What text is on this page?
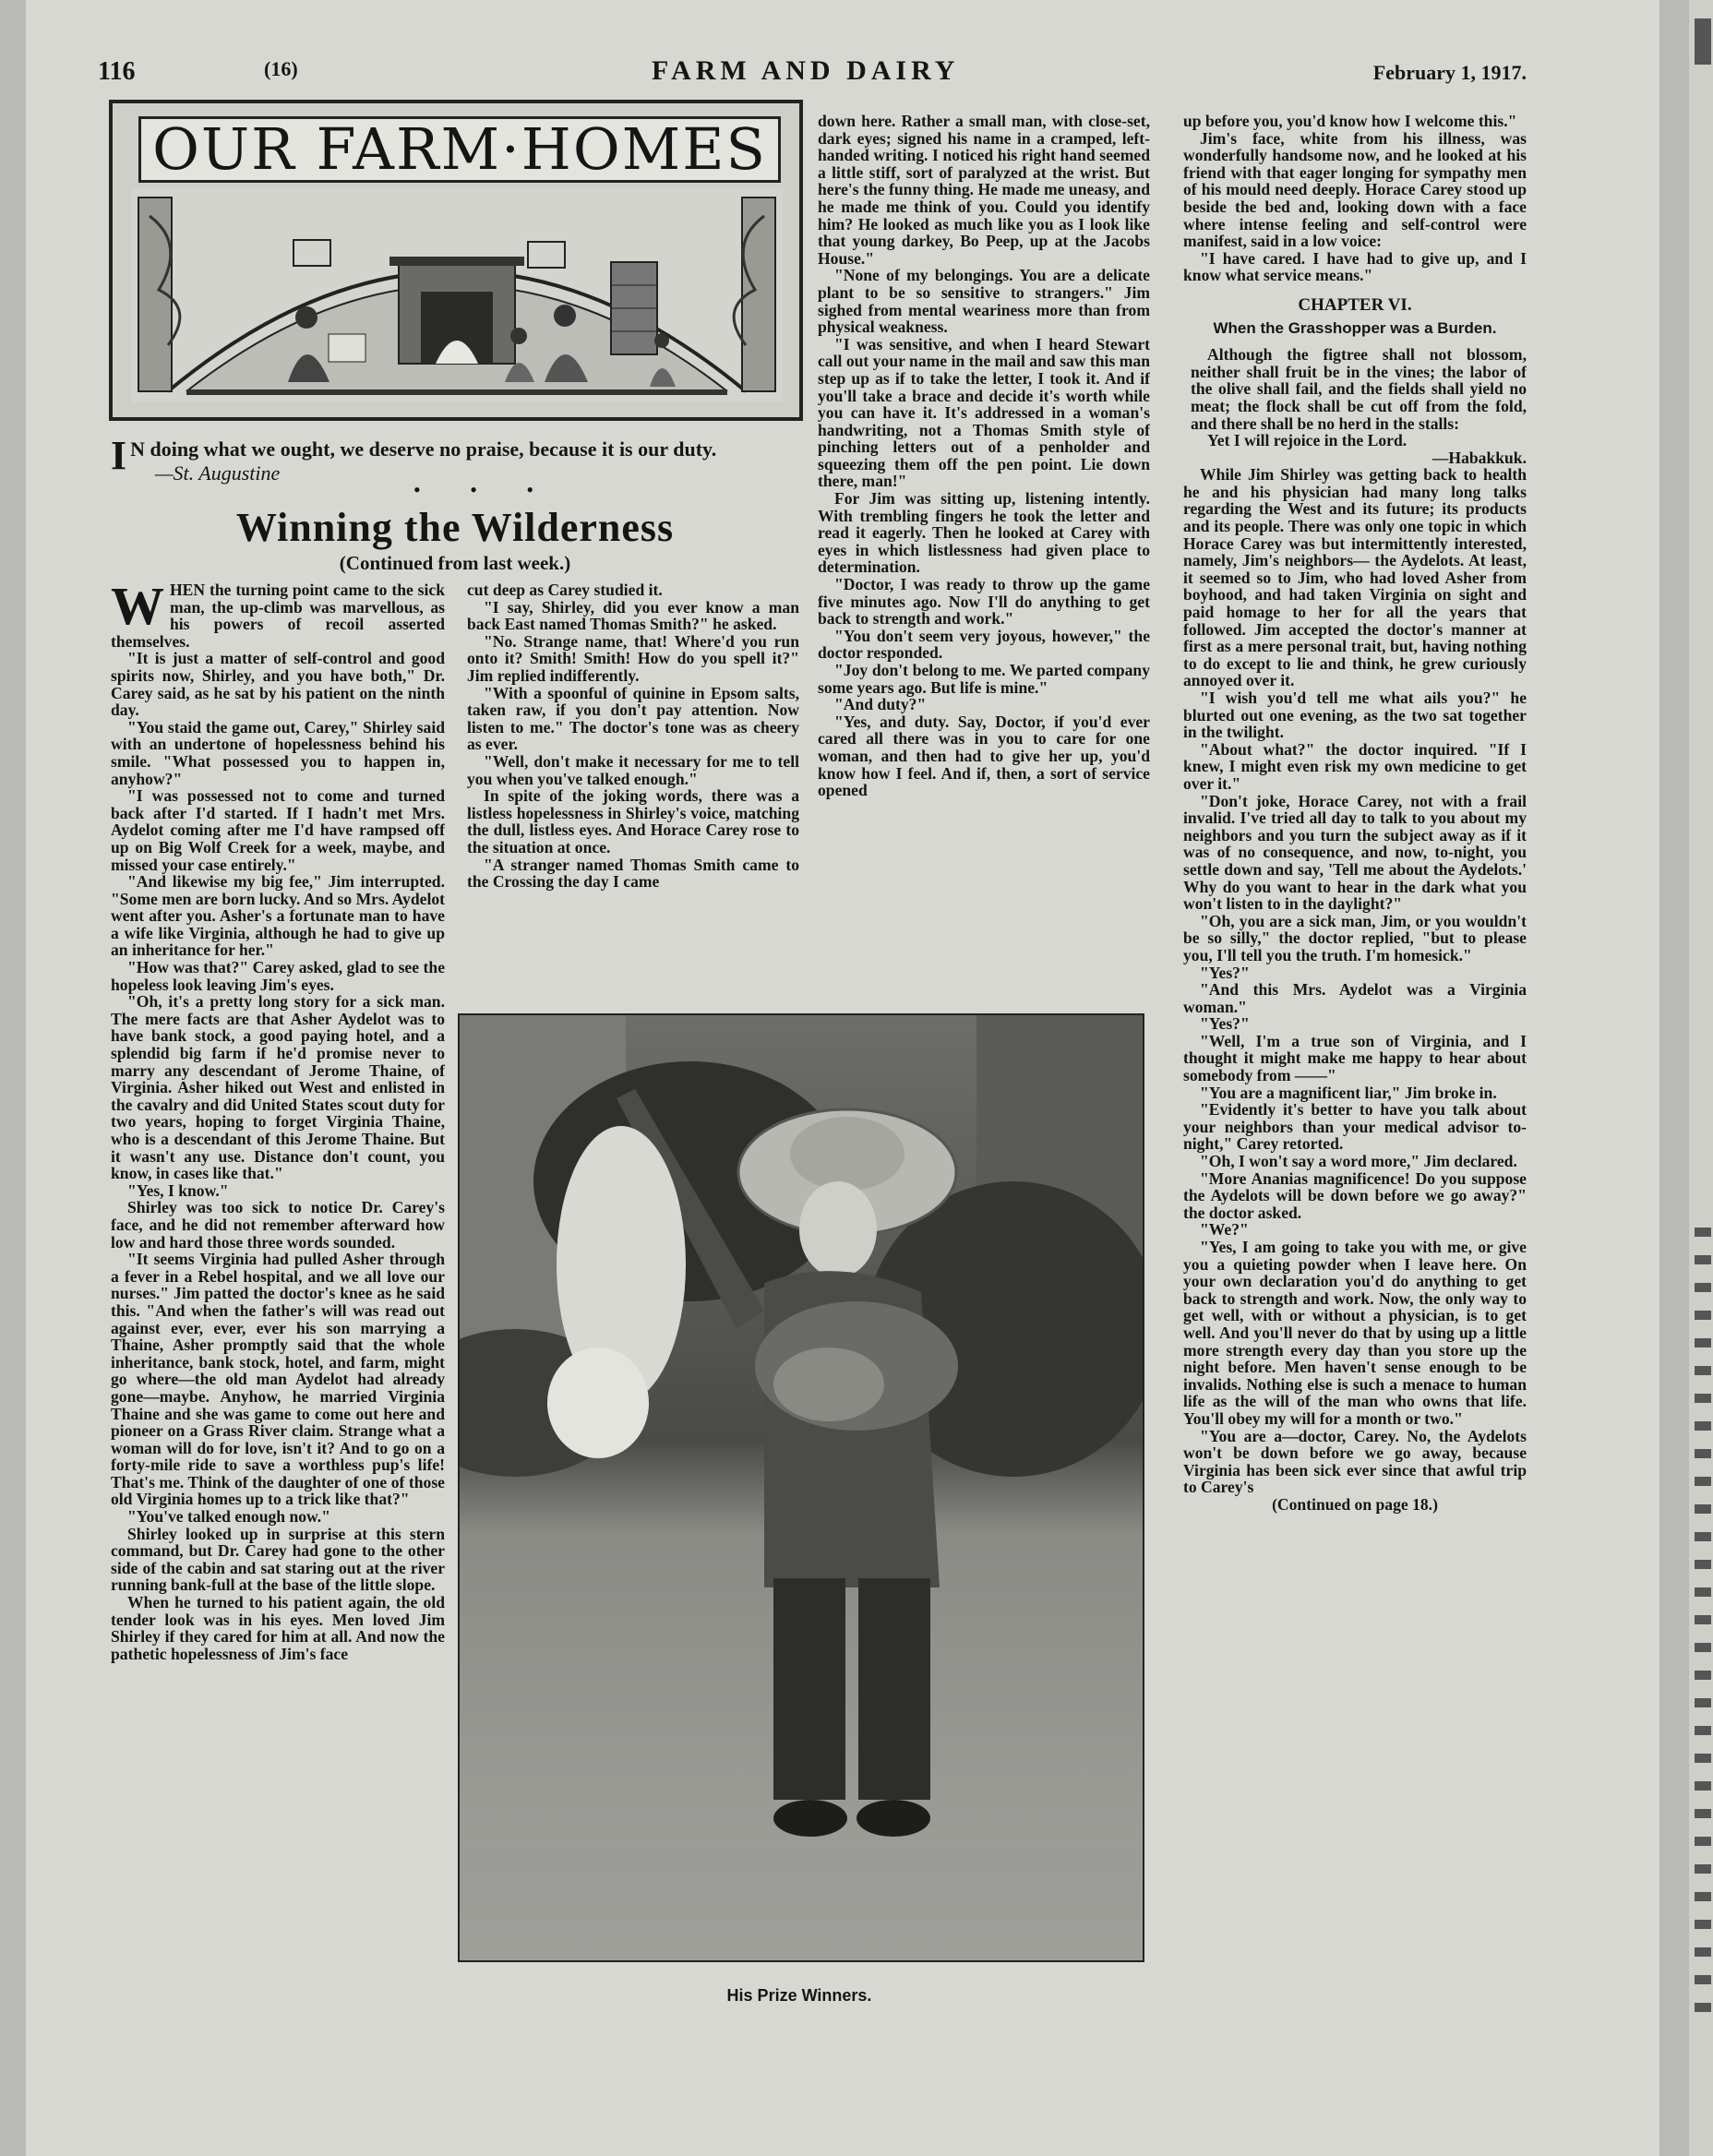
116	(16)	FARM AND DAIRY	February 1, 1917.
OUR FARM·HOMES
I N doing what we ought, we deserve no praise, because it is our duty.
—St. Augustine
• • •
Winning the Wilderness
(Continued from last week.)

WHEN the turning point came to the sick man, the up-climb was marvellous, as his powers of recoil asserted themselves.

"It is just a matter of self-control and good spirits now, Shirley, and you have both," Dr. Carey said, as he sat by his patient on the ninth day.

"You staid the game out, Carey," Shirley said with an undertone of hopelessness behind his smile. "What possessed you to happen in, anyhow?"

"I was possessed not to come and turned back after I'd started. If I hadn't met Mrs. Aydelot coming after me I'd have rampsed off up on Big Wolf Creek for a week, maybe, and missed your case entirely."

"And likewise my big fee," Jim interrupted. "Some men are born lucky. And so Mrs. Aydelot went after you. Asher's a fortunate man to have a wife like Virginia, although he had to give up an inheritance for her."

"How was that?" Carey asked, glad to see the hopeless look leaving Jim's eyes.

"Oh, it's a pretty long story for a sick man. The mere facts are that Asher Aydelot was to have bank stock, a good paying hotel, and a splendid big farm if he'd promise never to marry any descendant of Jerome Thaine, of Virginia. Asher hiked out West and enlisted in the cavalry and did United States scout duty for two years, hoping to forget Virginia Thaine, who is a descendant of this Jerome Thaine. But it wasn't any use. Distance don't count, you know, in cases like that."

"Yes, I know."

Shirley was too sick to notice Dr. Carey's face, and he did not remember afterward how low and hard those three words sounded.

"It seems Virginia had pulled Asher through a fever in a Rebel hospital, and we all love our nurses." Jim patted the doctor's knee as he said this. "And when the father's will was read out against ever, ever, ever his son marrying a Thaine, Asher promptly said that the whole inheritance, bank stock, hotel, and farm, might go where—the old man Aydelot had already gone—maybe. Anyhow, he married Virginia Thaine and she was game to come out here and pioneer on a Grass River claim. Strange what a woman will do for love, isn't it? And to go on a forty-mile ride to save a worthless pup's life! That's me. Think of the daughter of one of those old Virginia homes up to a trick like that?"

"You've talked enough now."

Shirley looked up in surprise at this stern command, but Dr. Carey had gone to the other side of the cabin and sat staring out at the river running bank-full at the base of the little slope.

When he turned to his patient again, the old tender look was in his eyes. Men loved Jim Shirley if they cared for him at all. And now the pathetic hopelessness of Jim's face

cut deep as Carey studied it.

"I say, Shirley, did you ever know a man back East named Thomas Smith?" he asked.

"No. Strange name, that! Where'd you run onto it? Smith! Smith! How do you spell it?" Jim replied indifferently.

"With a spoonful of quinine in Epsom salts, taken raw, if you don't pay attention. Now listen to me." The doctor's tone was as cheery as ever.

"Well, don't make it necessary for me to tell you when you've talked enough."

In spite of the joking words, there was a listless hopelessness in Shirley's voice, matching the dull, listless eyes. And Horace Carey rose to the situation at once.

"A stranger named Thomas Smith came to the Crossing the day I came

down here. Rather a small man, with close-set, dark eyes; signed his name in a cramped, left-handed writing. I noticed his right hand seemed a little stiff, sort of paralyzed at the wrist. But here's the funny thing. He made me uneasy, and he made me think of you. Could you identify him? He looked as much like you as I look like that young darkey, Bo Peep, up at the Jacobs House."

"None of my belongings. You are a delicate plant to be so sensitive to strangers." Jim sighed from mental weariness more than from physical weakness.

"I was sensitive, and when I heard Stewart call out your name in the mail and saw this man step up as if to take the letter, I took it. And if you'll take a brace and decide it's worth while you can have it. It's addressed in a woman's handwriting, not a Thomas Smith style of pinching letters out of a penholder and squeezing them off the pen point. Lie down there, man!"

For Jim was sitting up, listening intently. With trembling fingers he took the letter and read it eagerly. Then he looked at Carey with eyes in which listlessness had given place to determination.

"Doctor, I was ready to throw up the game five minutes ago. Now I'll do anything to get back to strength and work."

"You don't seem very joyous, however," the doctor responded.

"Joy don't belong to me. We parted company some years ago. But life is mine."

"And duty?"

"Yes, and duty. Say, Doctor, if you'd ever cared all there was in you to care for one woman, and then had to give her up, you'd know how I feel. And if, then, a sort of service opened

up before you, you'd know how I welcome this."

Jim's face, white from his illness, was wonderfully handsome now, and he looked at his friend with that eager longing for sympathy men of his mould need deeply. Horace Carey stood up beside the bed and, looking down with a face where intense feeling and self-control were manifest, said in a low voice:

"I have cared. I have had to give up, and I know what service means."

CHAPTER VI.
When the Grasshopper was a Burden.

Although the figtree shall not blossom, neither shall fruit be in the vines; the labor of the olive shall fail, and the fields shall yield no meat; the flock shall be cut off from the fold, and there shall be no herd in the stalls:

Yet I will rejoice in the Lord.

—Habakkuk.

While Jim Shirley was getting back to health he and his physician had many long talks regarding the West and its future; its products and its people. There was only one topic in which Horace Carey was but intermittently interested, namely, Jim's neighbors— the Aydelots. At least, it seemed so to Jim, who had loved Asher from boyhood, and had taken Virginia on sight and paid homage to her for all the years that followed. Jim accepted the doctor's manner at first as a mere personal trait, but, having nothing to do except to lie and think, he grew curiously annoyed over it.

"I wish you'd tell me what ails you?" he blurted out one evening, as the two sat together in the twilight.

"About what?" the doctor inquired. "If I knew, I might even risk my own medicine to get over it."

"Don't joke, Horace Carey, not with a frail invalid. I've tried all day to talk to you about my neighbors and you turn the subject away as if it was of no consequence, and now, to-night, you settle down and say, 'Tell me about the Aydelots.' Why do you want to hear in the dark what you won't listen to in the daylight?"

"Oh, you are a sick man, Jim, or you wouldn't be so silly," the doctor replied, "but to please you, I'll tell you the truth. I'm homesick."

"Yes?"

"And this Mrs. Aydelot was a Virginia woman."

"Yes?"

"Well, I'm a true son of Virginia, and I thought it might make me happy to hear about somebody from ——"

"You are a magnificent liar," Jim broke in.

"Evidently it's better to have you talk about your neighbors than your medical advisor to-night," Carey retorted.

"Oh, I won't say a word more," Jim declared.

"More Ananias magnificence! Do you suppose the Aydelots will be down before we go away?" the doctor asked.

"We?"

"Yes, I am going to take you with me, or give you a quieting powder when I leave here. On your own declaration you'd do anything to get back to strength and work. Now, the only way to get well, with or without a physician, is to get well. And you'll never do that by using up a little more strength every day than you store up the night before. Men haven't sense enough to be invalids. Nothing else is such a menace to human life as the will of the man who owns that life. You'll obey my will for a month or two."

"You are a—doctor, Carey. No, the Aydelots won't be down before we go away, because Virginia has been sick ever since that awful trip to Carey's

(Continued on page 18.)

His Prize Winners.
